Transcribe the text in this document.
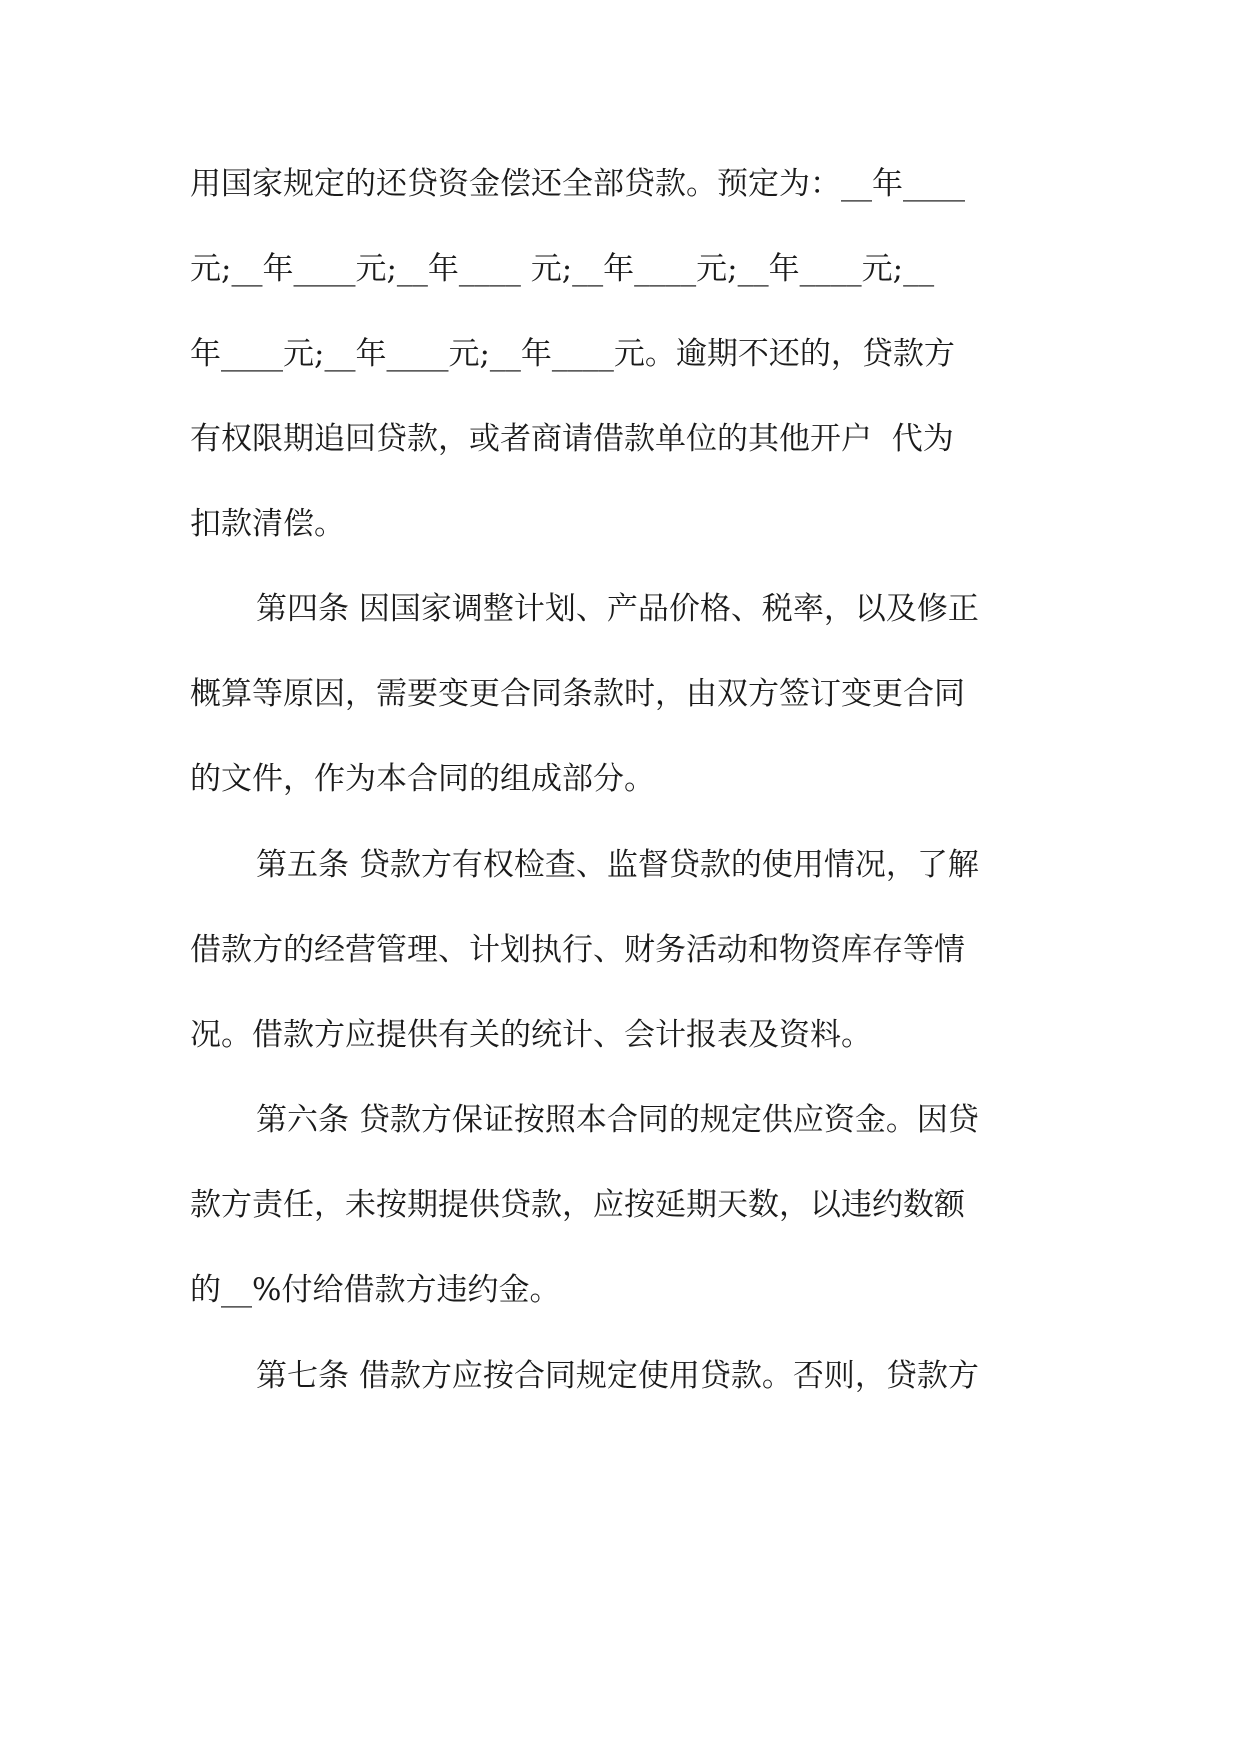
用国家规定的还贷资金偿还全部贷款。预定为：__年____
元;__年____元;__年____ 元;__年____元;__年____元;__
年____元;__年____元;__年____元。逾期不还的，贷款方
有权限期追回贷款，或者商请借款单位的其他开户  代为
扣款清偿。
第四条 因国家调整计划、产品价格、税率，以及修正
概算等原因，需要变更合同条款时，由双方签订变更合同
的文件，作为本合同的组成部分。
第五条 贷款方有权检查、监督贷款的使用情况，了解
借款方的经营管理、计划执行、财务活动和物资库存等情
况。借款方应提供有关的统计、会计报表及资料。
第六条 贷款方保证按照本合同的规定供应资金。因贷
款方责任，未按期提供贷款，应按延期天数，以违约数额
的__%付给借款方违约金。
第七条 借款方应按合同规定使用贷款。否则，贷款方
